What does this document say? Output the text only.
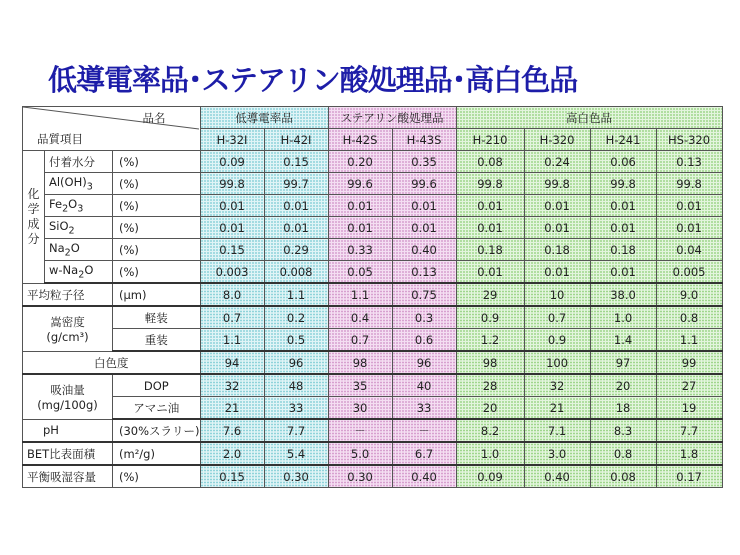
低導電率品･ステアリン酸処理品･高白色品
品名
品質項目			低導電率品		ステアリン酸処理品		高白色品			
			H-32Ⅰ	H-42Ⅰ	H-42S	H-43S	H-210	H-320	H-241	HS-320
化
学
成
分	付着水分	(%)	0.09	0.15	0.20	0.35	0.08	0.24	0.06	0.13
	$Al(OH)_3$	(%)	99.8	99.7	99.6	99.6	99.8	99.8	99.8	99.8
	$Fe_2O_3$	(%)	0.01	0.01	0.01	0.01	0.01	0.01	0.01	0.01
	SiO$_2$	(%)	0.01	0.01	0.01	0.01	0.01	0.01	0.01	0.01
	$Na_2O$	(%)	0.15	0.29	0.33	0.40	0.18	0.18	0.18	0.04
	$w-Na_2O$	(%)	0.003	0.008	0.05	0.13	0.01	0.01	0.01	0.005
平均粒子径		(μm)	8.0	1.1	1.1	0.75	29	10	38.0	9.0
嵩密度
(g/cm³)		軽装	0.7	0.2	0.4	0.3	0.9	0.7	1.0	0.8
		重装	1.1	0.5	0.7	0.6	1.2	0.9	1.4	1.1
白色度			94	96	98	96	98	100	97	99
吸油量
(mg/100g)		DOP	32	48	35	40	28	32	20	27
		アマニ油	21	33	30	33	20	21	18	19
pH		(30%スラリー)	7.6	7.7	－	－	8.2	7.1	8.3	7.7
BET比表面積		(m²/g)	2.0	5.4	5.0	6.7	1.0	3.0	0.8	1.8
平衡吸湿容量		(%)	0.15	0.30	0.30	0.40	0.09	0.40	0.08	0.17
